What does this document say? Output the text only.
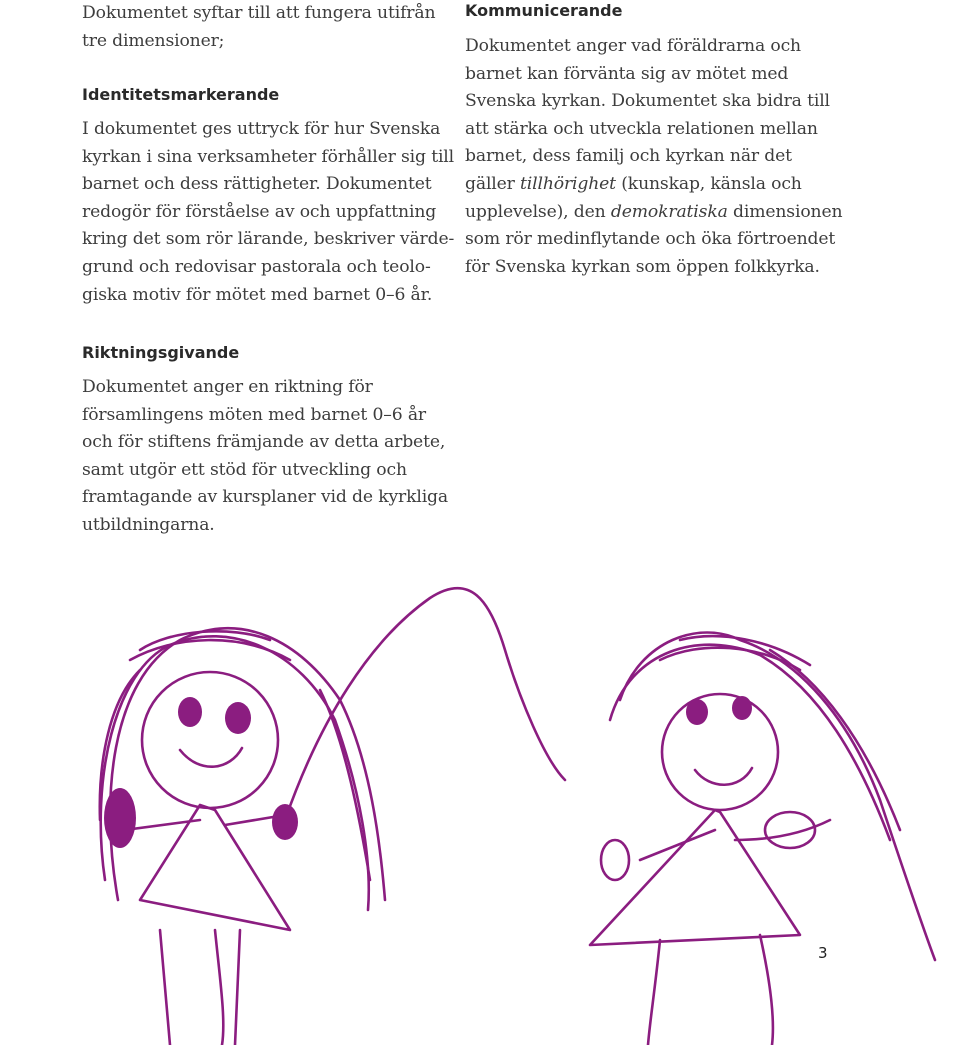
Dokumentet syftar till att fungera utifrån
tre dimensioner;

Identitetsmarkerande

I dokumentet ges uttryck för hur Svenska
kyrkan i sina verksamheter förhåller sig till
barnet och dess rättigheter. Dokumentet
redogör för förståelse av och uppfattning
kring det som rör lärande, beskriver värde-
grund och redovisar pastorala och teolo-
giska motiv för mötet med barnet 0–6 år.

Riktningsgivande

Dokumentet anger en riktning för
församlingens möten med barnet 0–6 år
och för stiftens främjande av detta arbete,
samt utgör ett stöd för utveckling och
framtagande av kursplaner vid de kyrkliga
utbildningarna.

Kommunicerande

Dokumentet anger vad föräldrarna och
barnet kan förvänta sig av mötet med
Svenska kyrkan. Dokumentet ska bidra till
att stärka och utveckla relationen mellan
barnet, dess familj och kyrkan när det
gäller tillhörighet (kunskap, känsla och
upplevelse), den demokratiska dimensionen
som rör medinflytande och öka förtroendet
för Svenska kyrkan som öppen folkkyrka.

3
